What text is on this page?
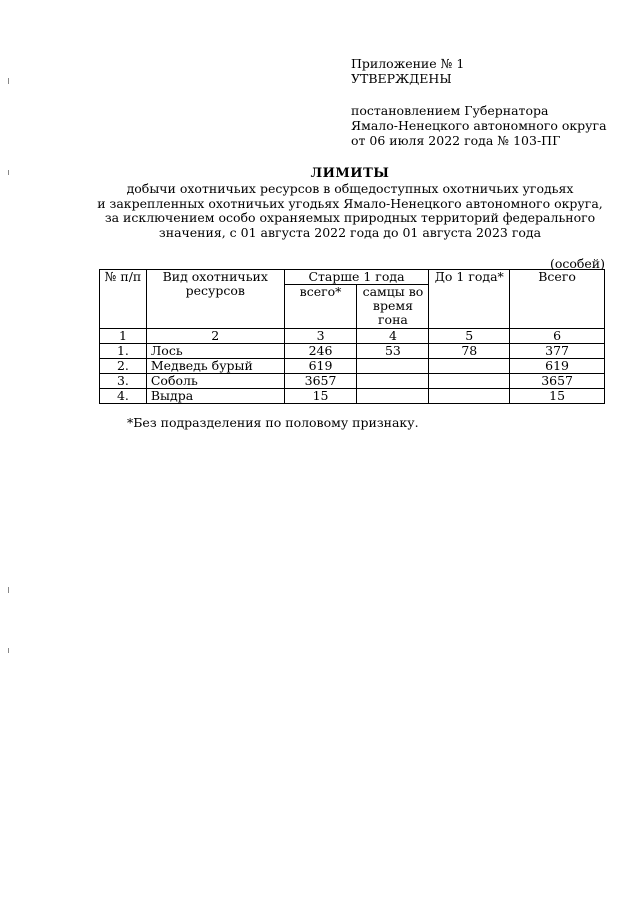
Приложение № 1
УТВЕРЖДЕНЫ
постановлением Губернатора
Ямало-Ненецкого автономного округа
от 06 июля 2022 года № 103-ПГ
ЛИМИТЫ
добычи охотничьих ресурсов в общедоступных охотничьих угодьях
и закрепленных охотничьих угодьях Ямало-Ненецкого автономного округа,
за исключением особо охраняемых природных территорий федерального
значения, с 01 августа 2022 года до 01 августа 2023 года
(особей)
№ п/п	Вид охотничьих ресурсов	Старше 1 года		До 1 года*	Всего
		всего*	самцы во время гона		
1	2	3	4	5	6
1.	Лось	246	53	78	377
2.	Медведь бурый	619			619
3.	Соболь	3657			3657
4.	Выдра	15			15
*Без подразделения по половому признаку.
